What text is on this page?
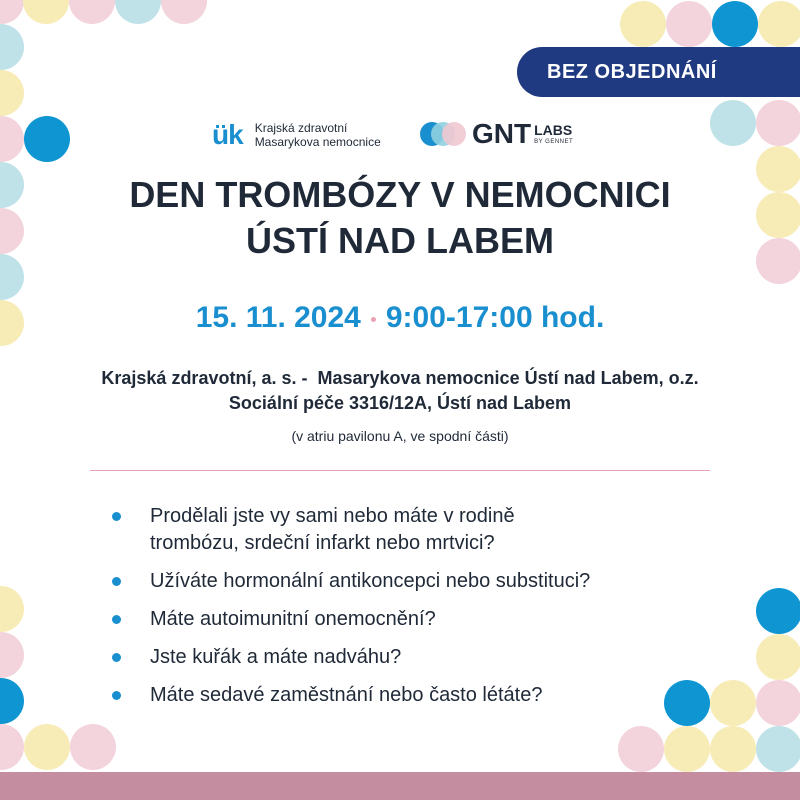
BEZ OBJEDNÁNÍ
ük Krajská zdravotní
Masarykova nemocnice	GNT LABS
BY GENNET
DEN TROMBÓZY V NEMOCNICI
ÚSTÍ NAD LABEM
15. 11. 2024 9:00-17:00 hod.
Krajská zdravotní, a. s. -  Masarykova nemocnice Ústí nad Labem, o.z.
Sociální péče 3316/12A, Ústí nad Labem
(v atriu pavilonu A, ve spodní části)
Prodělali jste vy sami nebo máte v rodině
trombózu, srdeční infarkt nebo mrtvici?
Užíváte hormonální antikoncepci nebo substituci?
Máte autoimunitní onemocnění?
Jste kuřák a máte nadváhu?
Máte sedavé zaměstnání nebo často létáte?
